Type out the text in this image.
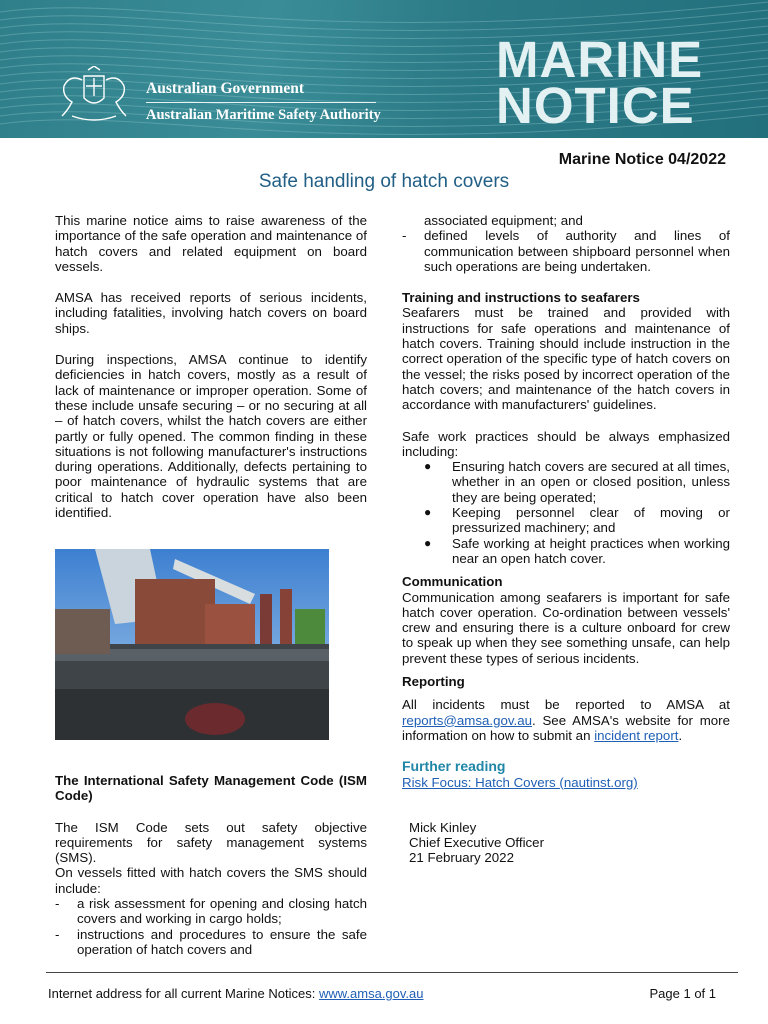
Australian Government
Australian Maritime Safety Authority
MARINE
NOTICE
Marine Notice 04/2022
Safe handling of hatch covers

This marine notice aims to raise awareness of the importance of the safe operation and maintenance of hatch covers and related equipment on board vessels.

AMSA has received reports of serious incidents, including fatalities, involving hatch covers on board ships.

During inspections, AMSA continue to identify deficiencies in hatch covers, mostly as a result of lack of maintenance or improper operation. Some of these include unsafe securing – or no securing at all – of hatch covers, whilst the hatch covers are either partly or fully opened. The common finding in these situations is not following manufacturer's instructions during operations. Additionally, defects pertaining to poor maintenance of hydraulic systems that are critical to hatch cover operation have also been identified.

The International Safety Management Code (ISM Code)

The ISM Code sets out safety objective requirements for safety management systems (SMS).

On vessels fitted with hatch covers the SMS should include:

- a risk assessment for opening and closing hatch covers and working in cargo holds;
- instructions and procedures to ensure the safe operation of hatch covers and
associated equipment; and
- defined levels of authority and lines of communication between shipboard personnel when such operations are being undertaken.

Training and instructions to seafarers

Seafarers must be trained and provided with instructions for safe operations and maintenance of hatch covers. Training should include instruction in the correct operation of the specific type of hatch covers on the vessel; the risks posed by incorrect operation of the hatch covers; and maintenance of the hatch covers in accordance with manufacturers' guidelines.

Safe work practices should be always emphasized including:

● Ensuring hatch covers are secured at all times, whether in an open or closed position, unless they are being operated;
● Keeping personnel clear of moving or pressurized machinery; and
● Safe working at height practices when working near an open hatch cover.

Communication

Communication among seafarers is important for safe hatch cover operation. Co-ordination between vessels' crew and ensuring there is a culture onboard for crew to speak up when they see something unsafe, can help prevent these types of serious incidents.

Reporting

All incidents must be reported to AMSA at reports@amsa.gov.au. See AMSA's website for more information on how to submit an incident report.

Further reading
Risk Focus: Hatch Covers (nautinst.org)
Mick Kinley
Chief Executive Officer
21 February 2022
Internet address for all current Marine Notices: www.amsa.gov.au	Page 1 of 1
